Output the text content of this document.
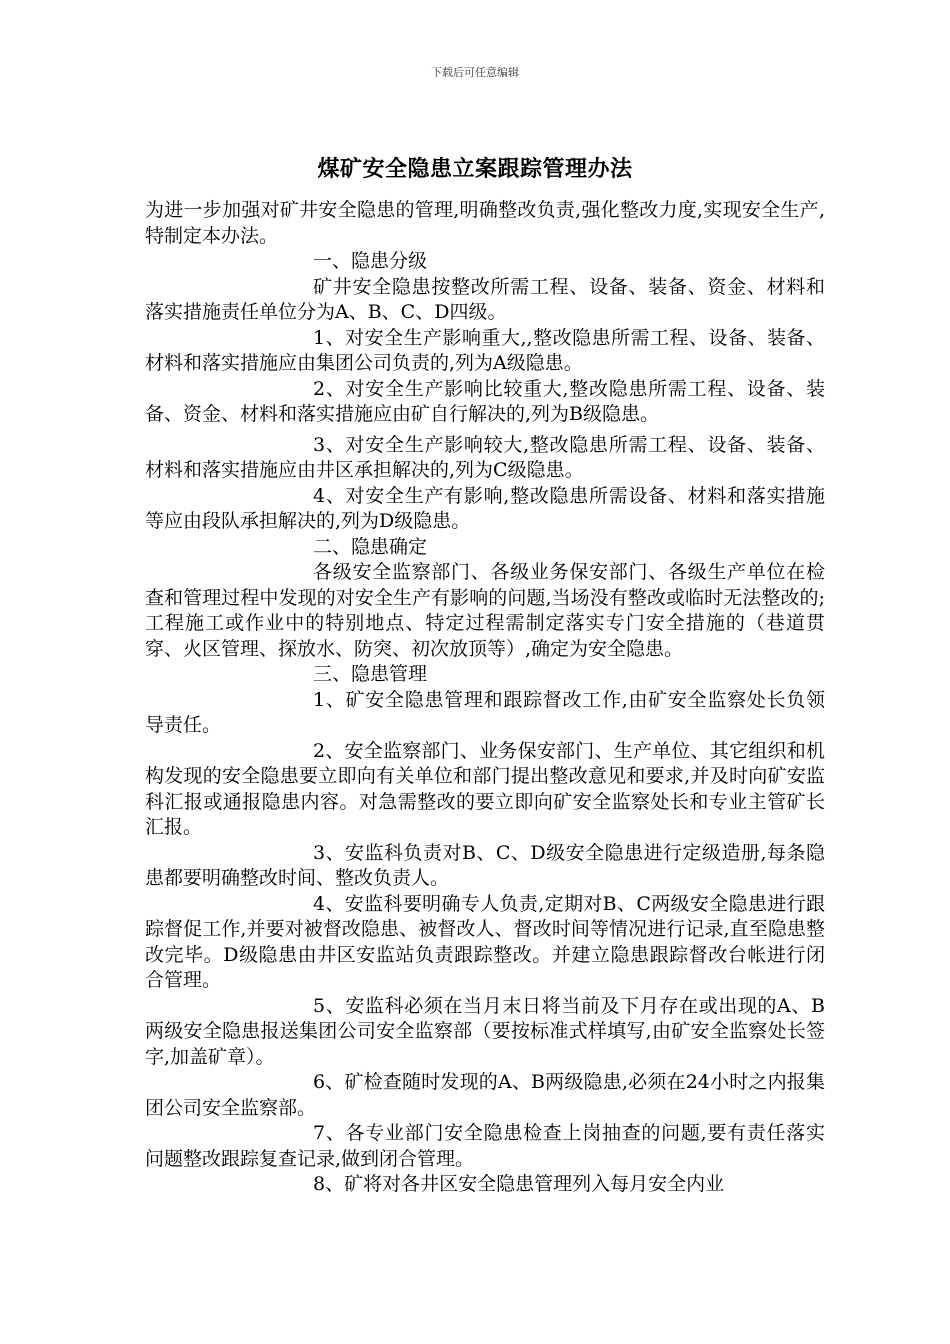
下载后可任意编辑
煤矿安全隐患立案跟踪管理办法

为进一步加强对矿井安全隐患的管理,明确整改负责,强化整改力度,实现安全生产,特制定本办法。

一、隐患分级

矿井安全隐患按整改所需工程、设备、装备、资金、材料和落实措施责任单位分为A、B、C、D四级。

1、对安全生产影响重大,,整改隐患所需工程、设备、装备、材料和落实措施应由集团公司负责的,列为A级隐患。

2、对安全生产影响比较重大,整改隐患所需工程、设备、装备、资金、材料和落实措施应由矿自行解决的,列为B级隐患。

3、对安全生产影响较大,整改隐患所需工程、设备、装备、材料和落实措施应由井区承担解决的,列为C级隐患。

4、对安全生产有影响,整改隐患所需设备、材料和落实措施等应由段队承担解决的,列为D级隐患。

二、隐患确定

各级安全监察部门、各级业务保安部门、各级生产单位在检查和管理过程中发现的对安全生产有影响的问题,当场没有整改或临时无法整改的;工程施工或作业中的特别地点、特定过程需制定落实专门安全措施的（巷道贯穿、火区管理、探放水、防突、初次放顶等）,确定为安全隐患。

三、隐患管理

1、矿安全隐患管理和跟踪督改工作,由矿安全监察处长负领导责任。

2、安全监察部门、业务保安部门、生产单位、其它组织和机构发现的安全隐患要立即向有关单位和部门提出整改意见和要求,并及时向矿安监科汇报或通报隐患内容。对急需整改的要立即向矿安全监察处长和专业主管矿长汇报。

3、安监科负责对B、C、D级安全隐患进行定级造册,每条隐患都要明确整改时间、整改负责人。

4、安监科要明确专人负责,定期对B、C两级安全隐患进行跟踪督促工作,并要对被督改隐患、被督改人、督改时间等情况进行记录,直至隐患整改完毕。D级隐患由井区安监站负责跟踪整改。并建立隐患跟踪督改台帐进行闭合管理。

5、安监科必须在当月末日将当前及下月存在或出现的A、B两级安全隐患报送集团公司安全监察部（要按标准式样填写,由矿安全监察处长签字,加盖矿章）。

6、矿检查随时发现的A、B两级隐患,必须在24小时之内报集团公司安全监察部。

7、各专业部门安全隐患检查上岗抽查的问题,要有责任落实问题整改跟踪复查记录,做到闭合管理。

8、矿将对各井区安全隐患管理列入每月安全内业
